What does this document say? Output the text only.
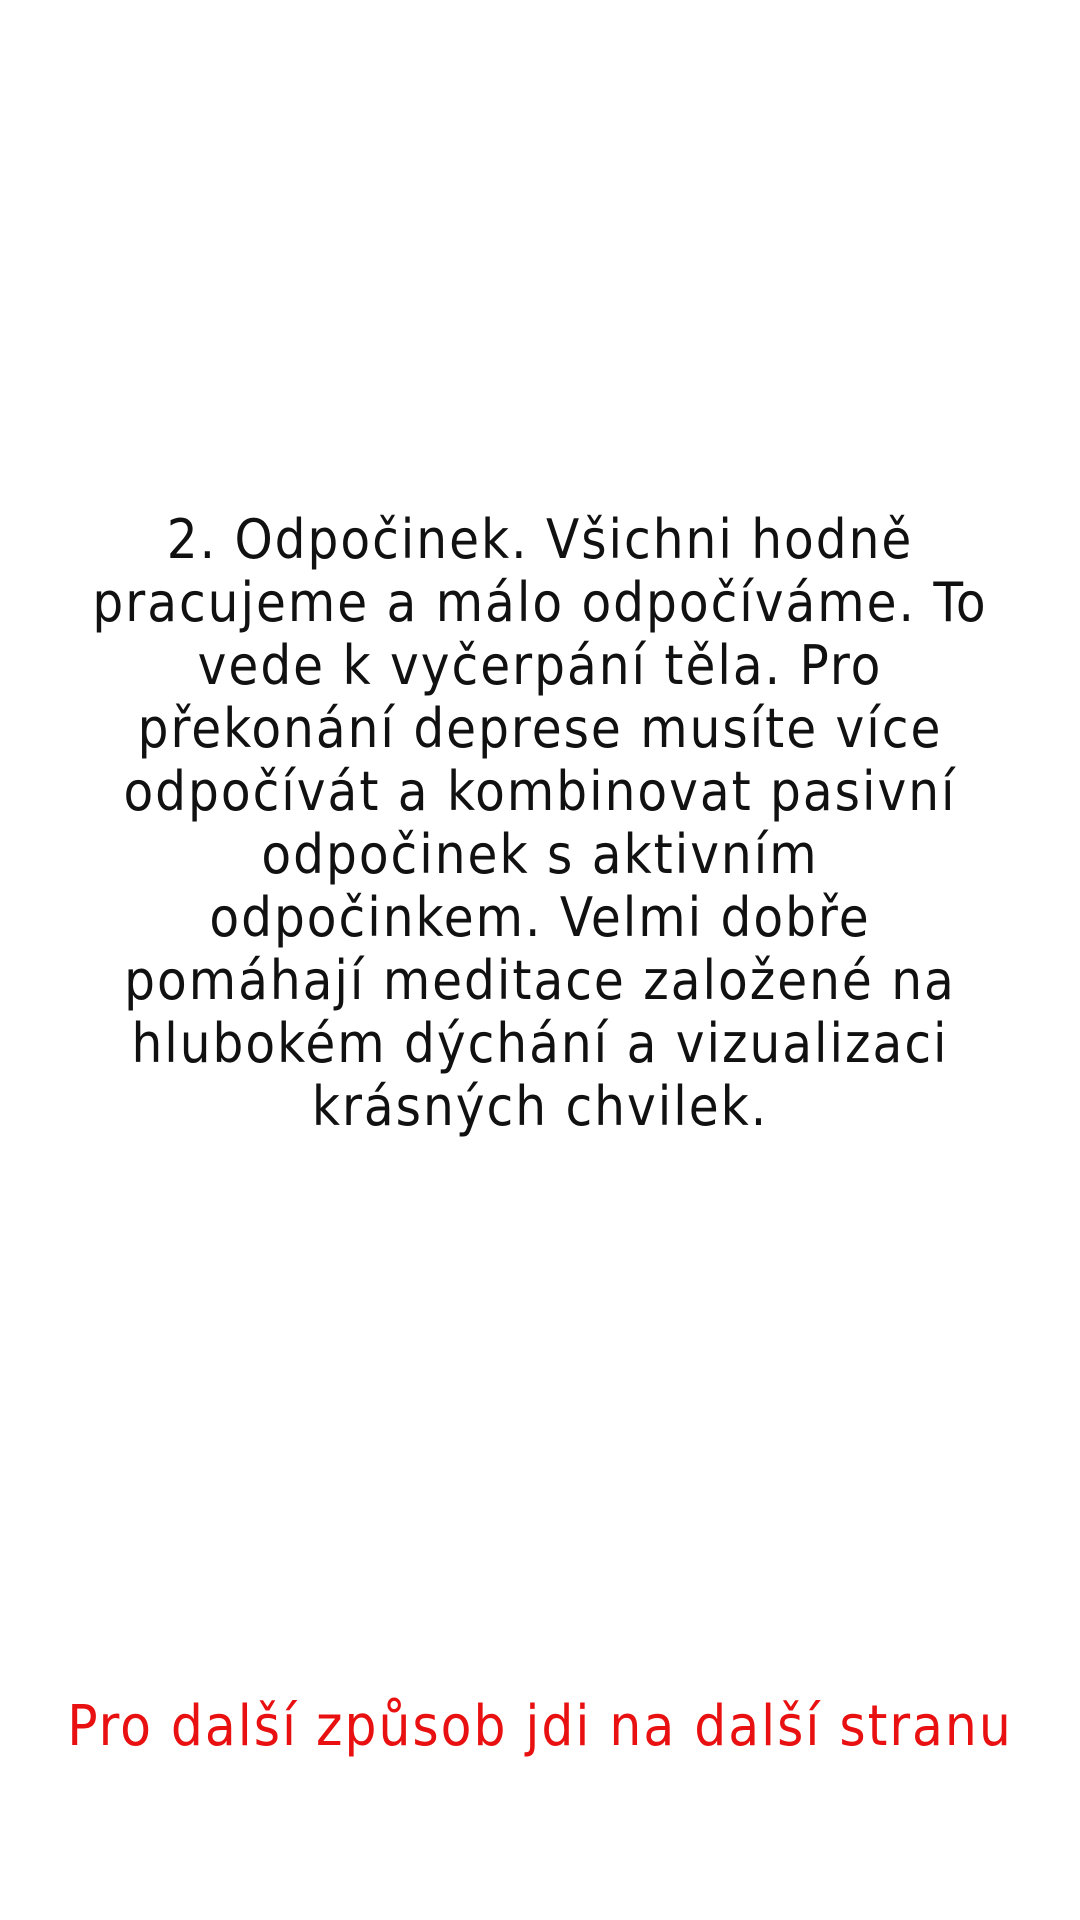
2. Odpočinek. Všichni hodně pracujeme a málo odpočíváme. To vede k vyčerpání těla. Pro překonání deprese musíte více odpočívát a kombinovat pasivní odpočinek s aktivním odpočinkem. Velmi dobře pomáhají meditace založené na hlubokém dýchání a vizualizaci krásných chvilek.

Pro další způsob jdi na další stranu
